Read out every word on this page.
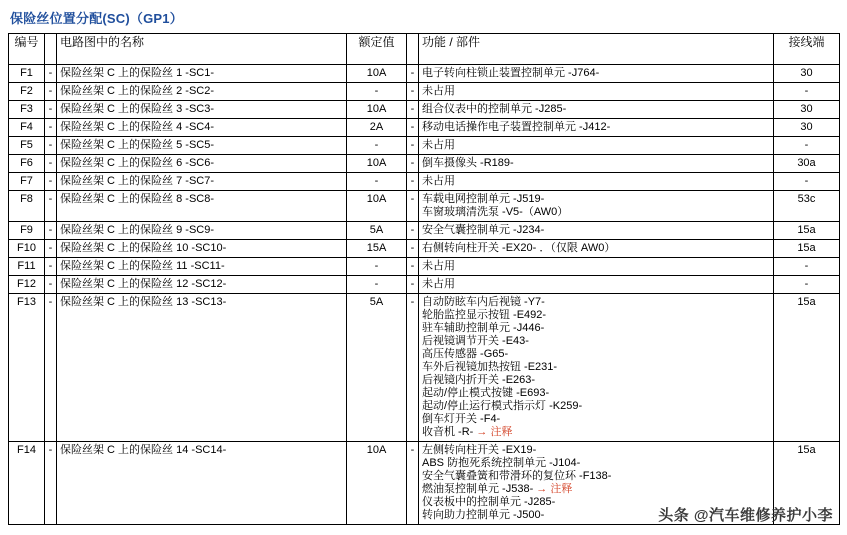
保险丝位置分配(SC)（GP1）
编号		电路图中的名称	额定值		功能 / 部件	接线端
F1	-	保险丝架 C 上的保险丝 1 -SC1-	10A	-	电子转向柱锁止装置控制单元 -J764-	30
F2	-	保险丝架 C 上的保险丝 2 -SC2-	-	-	未占用	-
F3	-	保险丝架 C 上的保险丝 3 -SC3-	10A	-	组合仪表中的控制单元 -J285-	30
F4	-	保险丝架 C 上的保险丝 4 -SC4-	2A	-	移动电话操作电子装置控制单元 -J412-	30
F5	-	保险丝架 C 上的保险丝 5 -SC5-	-	-	未占用	-
F6	-	保险丝架 C 上的保险丝 6 -SC6-	10A	-	倒车摄像头 -R189-	30a
F7	-	保险丝架 C 上的保险丝 7 -SC7-	-	-	未占用	-
F8	-	保险丝架 C 上的保险丝 8 -SC8-	10A	-	车载电网控制单元 -J519-
车窗玻璃清洗泵 -V5-（AW0）	53c
F9	-	保险丝架 C 上的保险丝 9 -SC9-	5A	-	安全气囊控制单元 -J234-	15a
F10	-	保险丝架 C 上的保险丝 10 -SC10-	15A	-	右侧转向柱开关 -EX20- ．（仅限 AW0）	15a
F11	-	保险丝架 C 上的保险丝 11 -SC11-	-	-	未占用	-
F12	-	保险丝架 C 上的保险丝 12 -SC12-	-	-	未占用	-
F13	-	保险丝架 C 上的保险丝 13 -SC13-	5A	-	自动防眩车内后视镜 -Y7-
轮胎监控显示按钮 -E492-
驻车辅助控制单元 -J446-
后视镜调节开关 -E43-
高压传感器 -G65-
车外后视镜加热按钮 -E231-
后视镜内折开关 -E263-
起动/停止模式按键 -E693-
起动/停止运行模式指示灯 -K259-
倒车灯开关 -F4-
收音机 -R- → 注释	15a
F14	-	保险丝架 C 上的保险丝 14 -SC14-	10A	-	左侧转向柱开关 -EX19-
ABS 防抱死系统控制单元 -J104-
安全气囊叠簧和带滑环的复位环 -F138-
燃油泵控制单元 -J538- → 注释
仪表板中的控制单元 -J285-
转向助力控制单元 -J500-	15a
头条 @汽车维修养护小李
